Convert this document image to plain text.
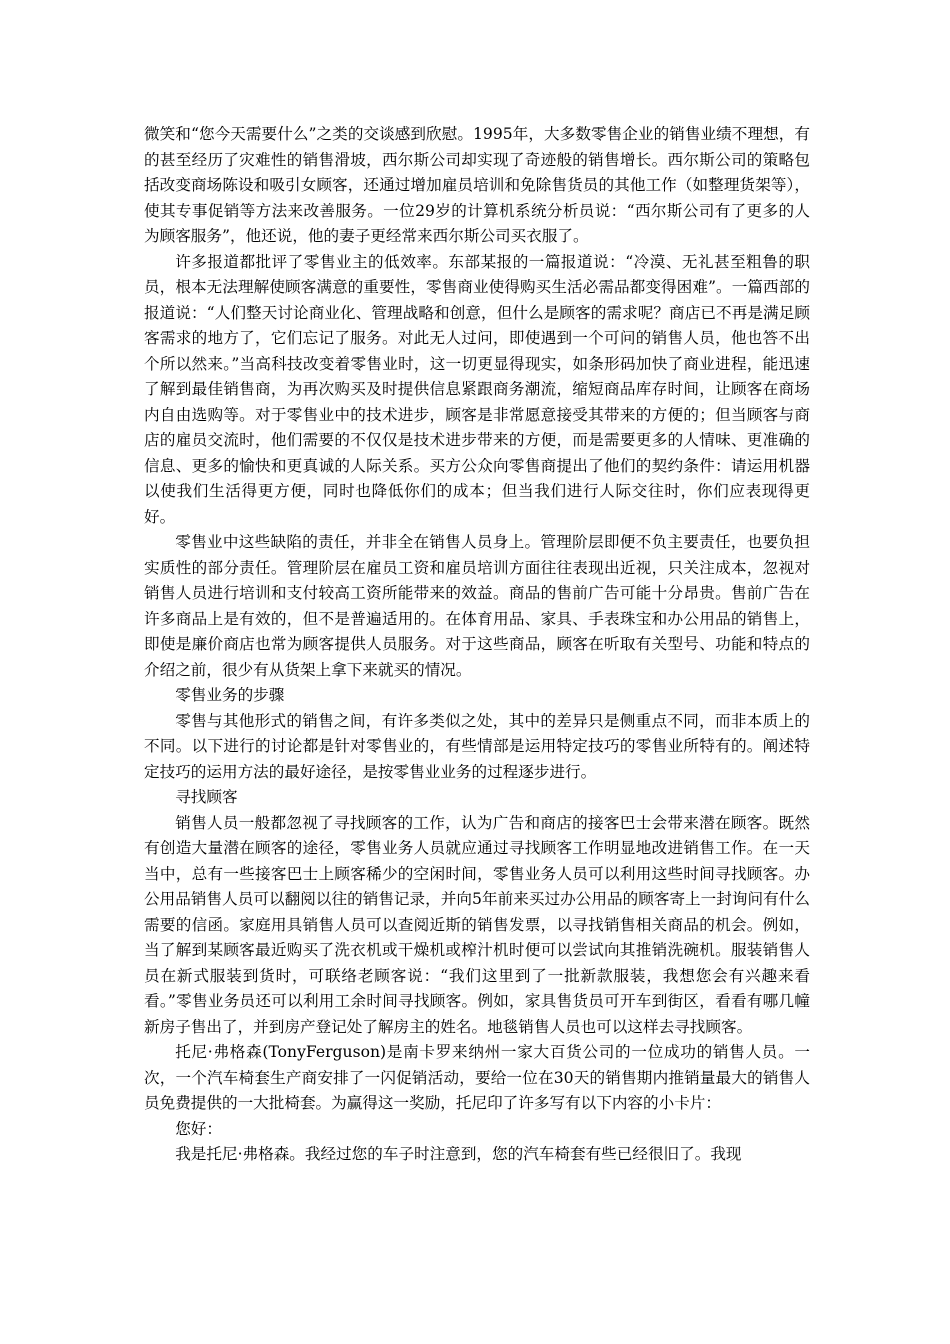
微笑和“您今天需要什么”之类的交谈感到欣慰。1995年，大多数零售企业的销售业绩不理想，有的甚至经历了灾难性的销售滑坡，西尔斯公司却实现了奇迹般的销售增长。西尔斯公司的策略包括改变商场陈设和吸引女顾客，还通过增加雇员培训和免除售货员的其他工作（如整理货架等），使其专事促销等方法来改善服务。一位29岁的计算机系统分析员说：“西尔斯公司有了更多的人为顾客服务”，他还说，他的妻子更经常来西尔斯公司买衣服了。

许多报道都批评了零售业主的低效率。东部某报的一篇报道说：“冷漠、无礼甚至粗鲁的职员，根本无法理解使顾客满意的重要性，零售商业使得购买生活必需品都变得困难”。一篇西部的报道说：“人们整天讨论商业化、管理战略和创意，但什么是顾客的需求呢？商店已不再是满足顾客需求的地方了，它们忘记了服务。对此无人过问，即使遇到一个可问的销售人员，他也答不出个所以然来。”当高科技改变着零售业时，这一切更显得现实，如条形码加快了商业进程，能迅速了解到最佳销售商，为再次购买及时提供信息紧跟商务潮流，缩短商品库存时间，让顾客在商场内自由选购等。对于零售业中的技术进步，顾客是非常愿意接受其带来的方便的；但当顾客与商店的雇员交流时，他们需要的不仅仅是技术进步带来的方便，而是需要更多的人情味、更准确的信息、更多的愉快和更真诚的人际关系。买方公众向零售商提出了他们的契约条件：请运用机器以使我们生活得更方便，同时也降低你们的成本；但当我们进行人际交往时，你们应表现得更好。

零售业中这些缺陷的责任，并非全在销售人员身上。管理阶层即便不负主要责任，也要负担实质性的部分责任。管理阶层在雇员工资和雇员培训方面往往表现出近视，只关注成本，忽视对销售人员进行培训和支付较高工资所能带来的效益。商品的售前广告可能十分昂贵。售前广告在许多商品上是有效的，但不是普遍适用的。在体育用品、家具、手表珠宝和办公用品的销售上，即使是廉价商店也常为顾客提供人员服务。对于这些商品，顾客在听取有关型号、功能和特点的介绍之前，很少有从货架上拿下来就买的情况。

零售业务的步骤

零售与其他形式的销售之间，有许多类似之处，其中的差异只是侧重点不同，而非本质上的不同。以下进行的讨论都是针对零售业的，有些情部是运用特定技巧的零售业所特有的。阐述特定技巧的运用方法的最好途径，是按零售业业务的过程逐步进行。

寻找顾客

销售人员一般都忽视了寻找顾客的工作，认为广告和商店的接客巴士会带来潜在顾客。既然有创造大量潜在顾客的途径，零售业务人员就应通过寻找顾客工作明显地改进销售工作。在一天当中，总有一些接客巴士上顾客稀少的空闲时间，零售业务人员可以利用这些时间寻找顾客。办公用品销售人员可以翻阅以往的销售记录，并向5年前来买过办公用品的顾客寄上一封询问有什么需要的信函。家庭用具销售人员可以查阅近斯的销售发票，以寻找销售相关商品的机会。例如，当了解到某顾客最近购买了洗衣机或干燥机或榨汁机时便可以尝试向其推销洗碗机。服装销售人员在新式服装到货时，可联络老顾客说：“我们这里到了一批新款服装，我想您会有兴趣来看看。”零售业务员还可以利用工余时间寻找顾客。例如，家具售货员可开车到街区，看看有哪几幢新房子售出了，并到房产登记处了解房主的姓名。地毯销售人员也可以这样去寻找顾客。

托尼·弗格森(TonyFerguson)是南卡罗来纳州一家大百货公司的一位成功的销售人员。一次，一个汽车椅套生产商安排了一闪促销活动，要给一位在30天的销售期内推销量最大的销售人员免费提供的一大批椅套。为赢得这一奖励，托尼印了许多写有以下内容的小卡片：

您好：

我是托尼·弗格森。我经过您的车子时注意到，您的汽车椅套有些已经很旧了。我现
